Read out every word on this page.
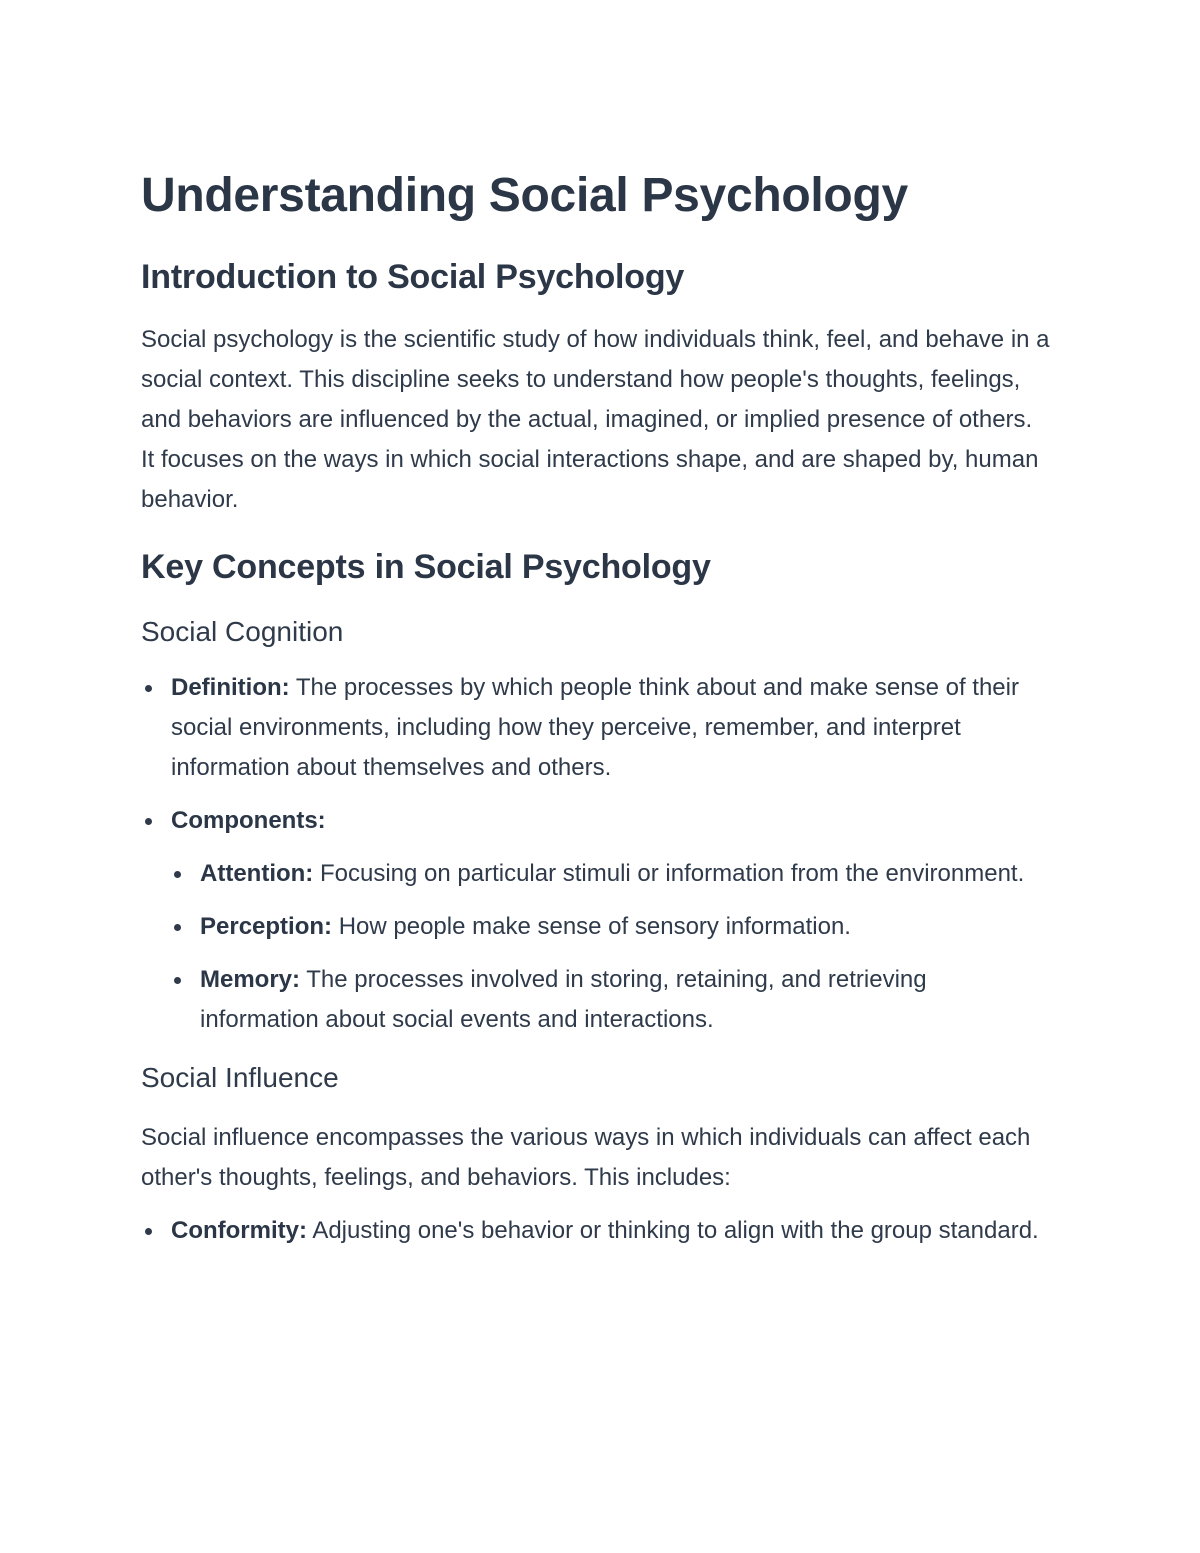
Understanding Social Psychology
Introduction to Social Psychology

Social psychology is the scientific study of how individuals think, feel, and behave in a social context. This discipline seeks to understand how people's thoughts, feelings, and behaviors are influenced by the actual, imagined, or implied presence of others. It focuses on the ways in which social interactions shape, and are shaped by, human behavior.

Key Concepts in Social Psychology
Social Cognition
Definition: The processes by which people think about and make sense of their social environments, including how they perceive, remember, and interpret information about themselves and others.
Components:
Attention: Focusing on particular stimuli or information from the environment.
Perception: How people make sense of sensory information.
Memory: The processes involved in storing, retaining, and retrieving information about social events and interactions.
Social Influence

Social influence encompasses the various ways in which individuals can affect each other's thoughts, feelings, and behaviors. This includes:

Conformity: Adjusting one's behavior or thinking to align with the group standard.
